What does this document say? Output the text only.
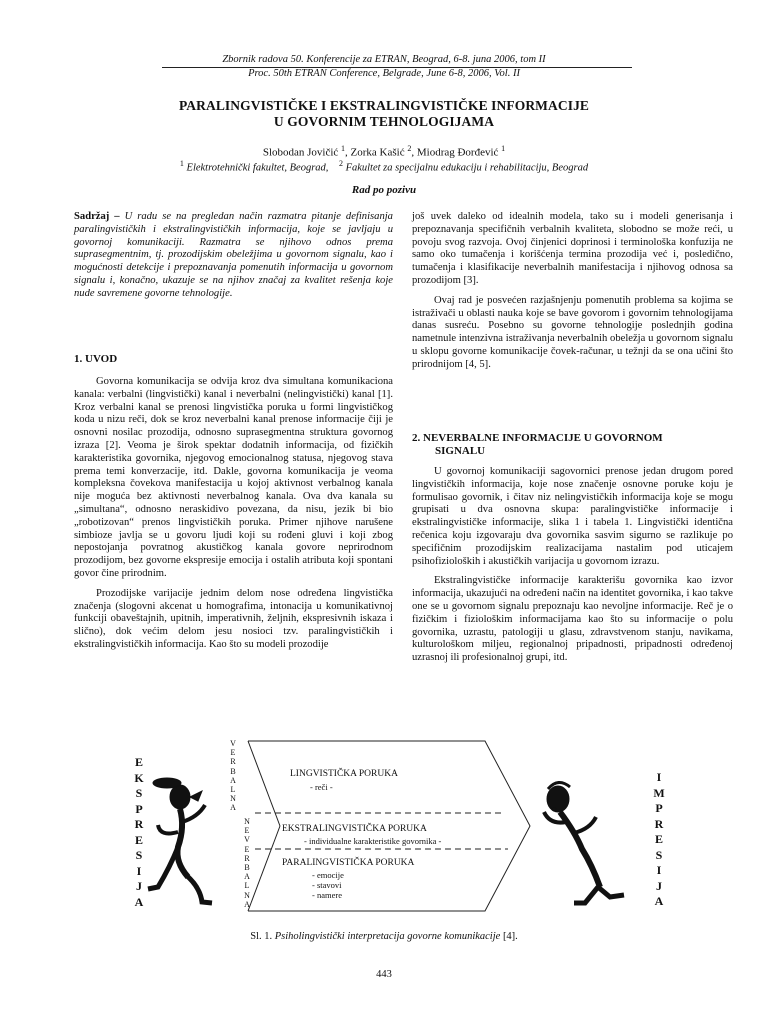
Zbornik radova 50. Konferencije za ETRAN, Beograd, 6-8. juna 2006, tom II
Proc. 50th ETRAN Conference, Belgrade, June 6-8, 2006, Vol. II
PARALINGVISTIČKE I EKSTRALINGVISTIČKE INFORMACIJE
U GOVORNIM TEHNOLOGIJAMA
Slobodan Jovičić $^1$, Zorka Kašić $^2$, Miodrag Đorđević $^1$
$^1$ Elektrotehnički fakultet, Beograd, $^2$ Fakultet za specijalnu edukaciju i rehabilitaciju, Beograd
Rad po pozivu

Sadržaj – U radu se na pregledan način razmatra pitanje definisanja paralingvističkih i ekstralingvističkih informacija, koje se javljaju u govornoj komunikaciji. Razmatra se njihovo odnos prema suprasegmentnim, tj. prozodijskim obeležjima u govornom signalu, kao i mogućnosti detekcije i prepoznavanja pomenutih informacija u govornom signalu i, konačno, ukazuje se na njihov značaj za kvalitet rešenja koje nude savremene govorne tehnologije.

1. UVOD

Govorna komunikacija se odvija kroz dva simultana komunikaciona kanala: verbalni (lingvistički) kanal i neverbalni (nelingvistički) kanal [1]. Kroz verbalni kanal se prenosi lingvistička poruka u formi lingvističkog koda u nizu reči, dok se kroz neverbalni kanal prenose informacije čiji je osnovni nosilac prozodija, odnosno suprasegmentna struktura govornog izraza [2]. Veoma je širok spektar dodatnih informacija, od fizičkih karakteristika govornika, njegovog emocionalnog statusa, njegovog stava prema temi konverzacije, itd. Dakle, govorna komunikacija je veoma kompleksna čovekova manifestacija u kojoj aktivnost verbalnog kanala nije moguća bez aktivnosti neverbalnog kanala. Ova dva kanala su „simultana“, odnosno neraskidivo povezana, da nisu, jezik bi bio „robotizovan“ prenos lingvističkih poruka. Primer njihove narušene simbioze javlja se u govoru ljudi koji su rođeni gluvi i koji zbog nepostojanja povratnog akustičkog kanala govore neprirodnom prozodijom, bez govorne ekspresije emocija i ostalih atributa koji spontani govor čine prirodnim.

Prozodijske varijacije jednim delom nose određena lingvistička značenja (slogovni akcenat u homografima, intonacija u komunikativnoj funkciji obaveštajnih, upitnih, imperativnih, željnih, ekspresivnih iskaza i slično), dok većim delom jesu nosioci tzv. paralingvističkih i ekstralingvističkih informacija. Kao što su modeli prozodije

još uvek daleko od idealnih modela, tako su i modeli generisanja i prepoznavanja specifičnih verbalnih kvaliteta, slobodno se može reći, u povoju svog razvoja. Ovoj činjenici doprinosi i terminološka konfuzija ne samo oko tumačenja i korišćenja termina prozodija već i, posledično, tumačenja i klasifikacije neverbalnih manifestacija i njihovog odnosa sa prozodijom [3].

Ovaj rad je posvećen razjašnjenju pomenutih problema sa kojima se istraživači u oblasti nauka koje se bave govorom i govornim tehnologijama danas susreću. Posebno su govorne tehnologije poslednjih godina nametnule intenzivna istraživanja neverbalnih obeležja u govornom signalu u sklopu govorne komunikacije čovek-računar, u težnji da se ona učini što prirodnijom [4, 5].

2. NEVERBALNE INFORMACIJE U GOVORNOM
SIGNALU

U govornoj komunikaciji sagovornici prenose jedan drugom pored lingvističkih informacija, koje nose značenje osnovne poruke koju je formulisao govornik, i čitav niz nelingvističkih informacija koje se mogu grupisati u dva osnovna skupa: paralingvističke informacije i ekstralingvističke informacije, slika 1 i tabela 1. Lingvistički identična rečenica koju izgovaraju dva govornika sasvim sigurno se razlikuje po specifičnim prozodijskim realizacijama nastalim pod uticajem psihofizioloških i akustičkih varijacija u govornom izrazu.

Ekstralingvističke informacije karakterišu govornika kao izvor informacija, ukazujući na određeni način na identitet govornika, i kao takve one se u govornom signalu prepoznaju kao nevoljne informacije. Reč je o fizičkim i fiziološkim informacijama kao što su informacije o polu govornika, uzrastu, patologiji u glasu, zdravstvenom stanju, navikama, kulturološkom miljeu, regionalnoj pripadnosti, pripadnosti određenoj uzrasnoj ili profesionalnoj grupi, itd.

E
K
S
P
R
E
S
I
J
A
I
M
P
R
E
S
I
J
A
V
E
R
B
A
L
N
A
N
E
V
E
R
B
A
L
N
A
LINGVISTIČKA PORUKA
- reči -
EKSTRALINGVISTIČKA PORUKA
- individualne karakteristike govornika -
PARALINGVISTIČKA PORUKA
- emocije
- stavovi
- namere
Sl. 1. Psiholingvistički interpretacija govorne komunikacije [4].
443
